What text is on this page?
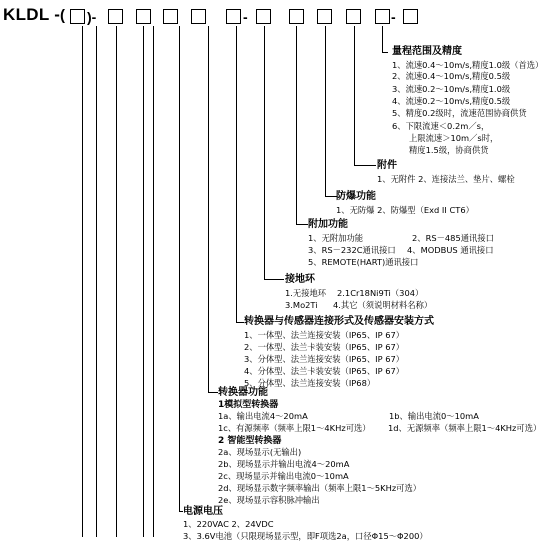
KLDL - ( )-	-	-
量程范围及精度
1、流速0.4～10m/s,精度1.0级（首选）
2、流速0.4～10m/s,精度0.5级
3、流速0.2～10m/s,精度1.0级
4、流速0.2～10m/s,精度0.5级
5、精度0.2级时，流速范围协商供货
6、下限流速＜0.2m／s，
上限流速＞10m／s时，
精度1.5级，协商供货
附件
1、无附件 2、连接法兰、垫片、螺栓
防爆功能
1、无防爆 2、防爆型（Exd II CT6）
附加功能
1、无附加功能	2、RS－485通讯接口
3、RS－232C通讯接口 4、MODBUS 通讯接口
5、REMOTE(HART)通讯接口
接地环
1.无接地环 2.1Cr18Ni9Ti（304）
3.Mo2Ti 4.其它（须说明材料名称）
转换器与传感器连接形式及传感器安装方式
1、一体型、法兰连接安装（IP65、IP 67）
2、一体型、法兰卡装安装（IP65、IP 67）
3、分体型、法兰连接安装（IP65、IP 67）
4、分体型、法兰卡装安装（IP65、IP 67）
5、分体型、法兰连接安装（IP68）
转换器功能
1模拟型转换器
1a、输出电流4～20mA	1b、输出电流0～10mA
1c、有源频率（频率上限1～4KHz可选） 1d、无源频率（频率上限1～4KHz可选）
2 智能型转换器
2a、现场显示(无输出)
2b、现场显示并输出电流4～20mA
2c、现场显示并输出电流0～10mA
2d、现场显示数字频率输出（频率上限1～5KHz可选）
2e、现场显示容积脉冲输出
电源电压
1、220VAC 2、24VDC
3、3.6V电池（只限现场显示型，即F项选2a，口径Φ15～Φ200）
